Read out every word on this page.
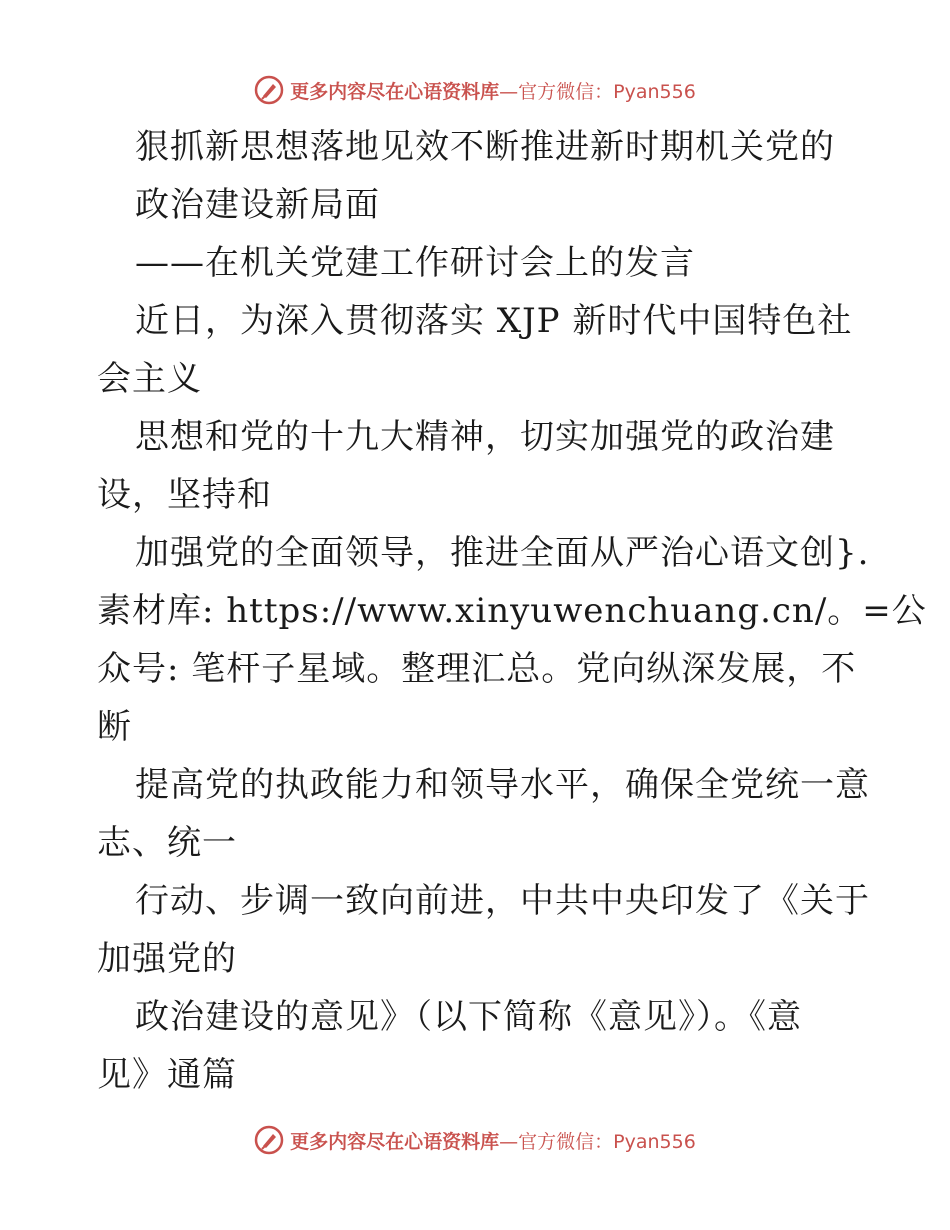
更多内容尽在心语资料库 —官方微信：Pyan556
狠抓新思想落地见效不断推进新时期机关党的
政治建设新局面
——在机关党建工作研讨会上的发言
近日，为深入贯彻落实 XJP 新时代中国特色社
会主义
思想和党的十九大精神，切实加强党的政治建
设，坚持和
加强党的全面领导，推进全面从严治心语文创}.
素材库: https://www.xinyuwenchuang.cn/。=公
众号: 笔杆子星域。整理汇总。党向纵深发展，不
断
提高党的执政能力和领导水平，确保全党统一意
志、统一
行动、步调一致向前进，中共中央印发了《关于
加强党的
政治建设的意见》（以下简称《意见》）。《意
见》通篇
更多内容尽在心语资料库 —官方微信：Pyan556
